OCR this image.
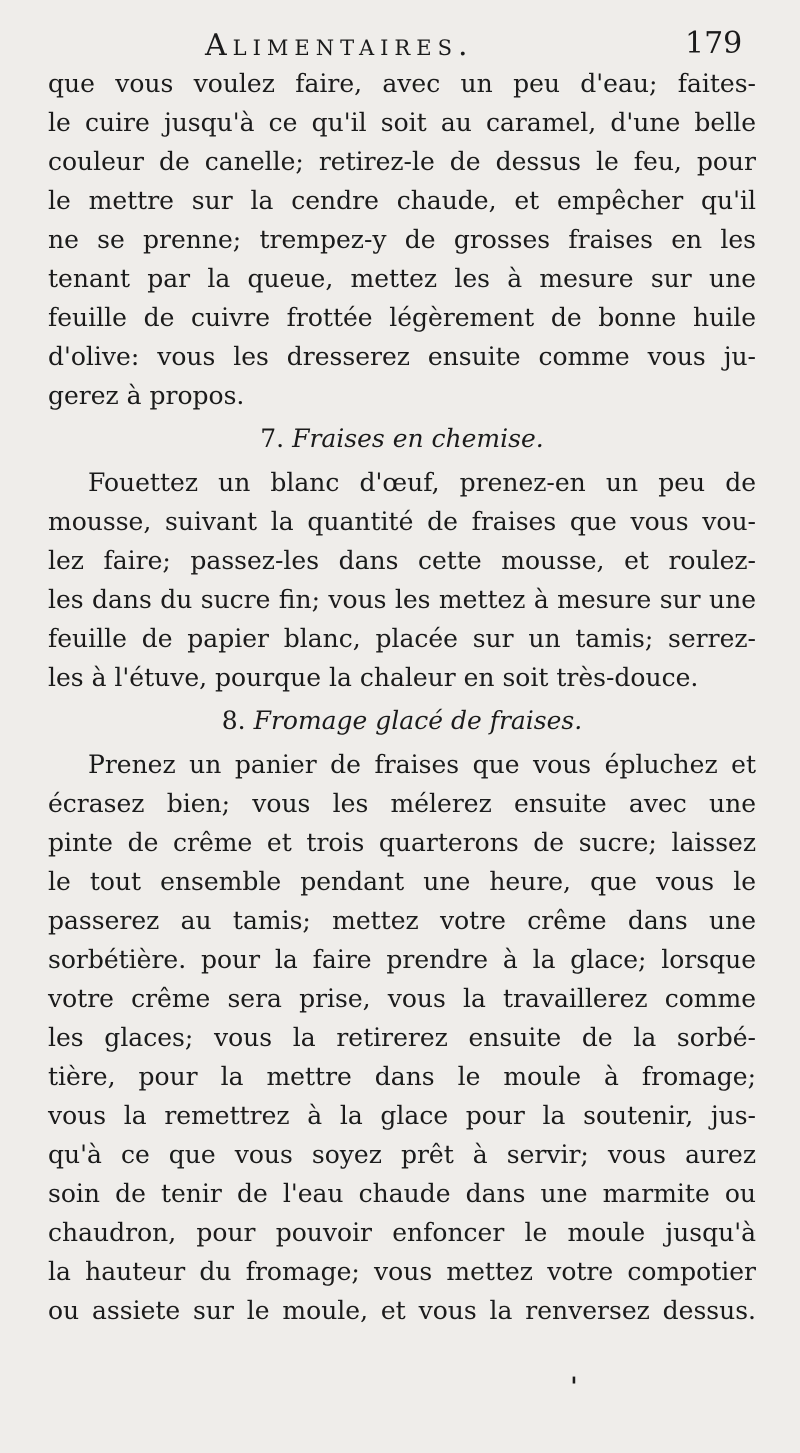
Alimentaires.	179
que vous voulez faire, avec un peu d'eau; faites-
le cuire jusqu'à ce qu'il soit au caramel, d'une belle
couleur de canelle; retirez-le de dessus le feu, pour
le mettre sur la cendre chaude, et empêcher qu'il
ne se prenne; trempez-y de grosses fraises en les
tenant par la queue, mettez les à mesure sur une
feuille de cuivre frottée légèrement de bonne huile
d'olive: vous les dresserez ensuite comme vous ju-
gerez à propos.
7. Fraises en chemise.
Fouettez un blanc d'œuf, prenez-en un peu de
mousse, suivant la quantité de fraises que vous vou-
lez faire; passez-les dans cette mousse, et roulez-
les dans du sucre fin; vous les mettez à mesure sur une
feuille de papier blanc, placée sur un tamis; serrez-
les à l'étuve, pourque la chaleur en soit très-douce.
8. Fromage glacé de fraises.
Prenez un panier de fraises que vous épluchez et
écrasez bien; vous les mélerez ensuite avec une
pinte de crême et trois quarterons de sucre; laissez
le tout ensemble pendant une heure, que vous le
passerez au tamis; mettez votre crême dans une
sorbétière. pour la faire prendre à la glace; lorsque
votre crême sera prise, vous la travaillerez comme
les glaces; vous la retirerez ensuite de la sorbé-
tière, pour la mettre dans le moule à fromage;
vous la remettrez à la glace pour la soutenir, jus-
qu'à ce que vous soyez prêt à servir; vous aurez
soin de tenir de l'eau chaude dans une marmite ou
chaudron, pour pouvoir enfoncer le moule jusqu'à
la hauteur du fromage; vous mettez votre compotier
ou assiete sur le moule, et vous la renversez dessus.
ˌ
